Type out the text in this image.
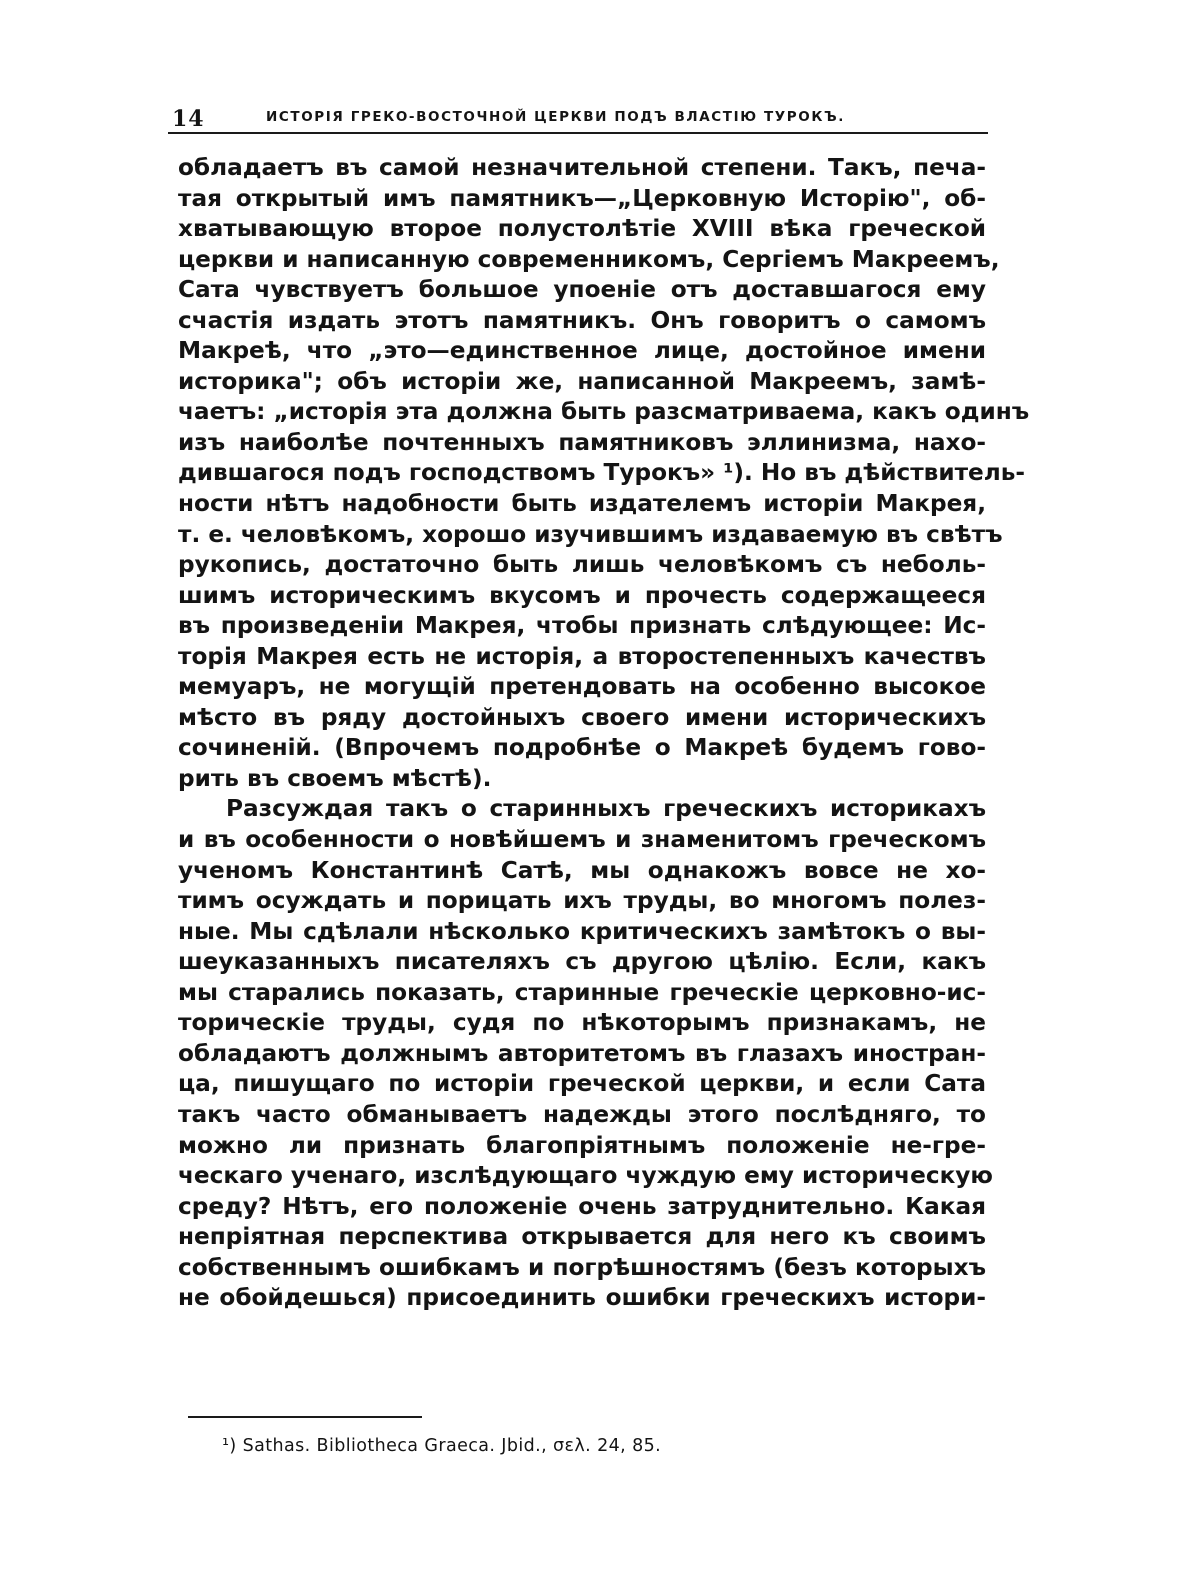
14	ИСТОРІЯ ГРЕКО-ВОСТОЧНОЙ ЦЕРКВИ ПОДЪ ВЛАСТІЮ ТУРОКЪ.
обладаетъ въ самой незначительной степени. Такъ, печа-
тая открытый имъ памятникъ—„Церковную Исторію", об-
хватывающую второе полустолѣтіе XVIII вѣка греческой
церкви и написанную современникомъ, Сергіемъ Макреемъ,
Сата чувствуетъ большое упоеніе отъ доставшагося ему
счастія издать этотъ памятникъ. Онъ говоритъ о самомъ
Макреѣ, что „это—единственное лице, достойное имени
историка"; объ исторіи же, написанной Макреемъ, замѣ-
чаетъ: „исторія эта должна быть разсматриваема, какъ одинъ
изъ наиболѣе почтенныхъ памятниковъ эллинизма, нахо-
дившагося подъ господствомъ Турокъ» ¹). Но въ дѣйствитель-
ности нѣтъ надобности быть издателемъ исторіи Макрея,
т. е. человѣкомъ, хорошо изучившимъ издаваемую въ свѣтъ
рукопись, достаточно быть лишь человѣкомъ съ неболь-
шимъ историческимъ вкусомъ и прочесть содержащееся
въ произведеніи Макрея, чтобы признать слѣдующее: Ис-
торія Макрея есть не исторія, а второстепенныхъ качествъ
мемуаръ, не могущій претендовать на особенно высокое
мѣсто въ ряду достойныхъ своего имени историческихъ
сочиненій. (Впрочемъ подробнѣе о Макреѣ будемъ гово-
рить въ своемъ мѣстѣ).
Разсуждая такъ о старинныхъ греческихъ историкахъ
и въ особенности о новѣйшемъ и знаменитомъ греческомъ
ученомъ Константинѣ Сатѣ, мы однакожъ вовсе не хо-
тимъ осуждать и порицать ихъ труды, во многомъ полез-
ные. Мы сдѣлали нѣсколько критическихъ замѣтокъ о вы-
шеуказанныхъ писателяхъ съ другою цѣлію. Если, какъ
мы старались показать, старинные греческіе церковно-ис-
торическіе труды, судя по нѣкоторымъ признакамъ, не
обладаютъ должнымъ авторитетомъ въ глазахъ иностран-
ца, пишущаго по исторіи греческой церкви, и если Сата
такъ часто обманываетъ надежды этого послѣдняго, то
можно ли признать благопріятнымъ положеніе не-гре-
ческаго ученаго, изслѣдующаго чуждую ему историческую
среду? Нѣтъ, его положеніе очень затруднительно. Какая
непріятная перспектива открывается для него къ своимъ
собственнымъ ошибкамъ и погрѣшностямъ (безъ которыхъ
не обойдешься) присоединить ошибки греческихъ истори-
¹) Sathas. Bibliotheca Graeca. Jbid., σελ. 24, 85.
